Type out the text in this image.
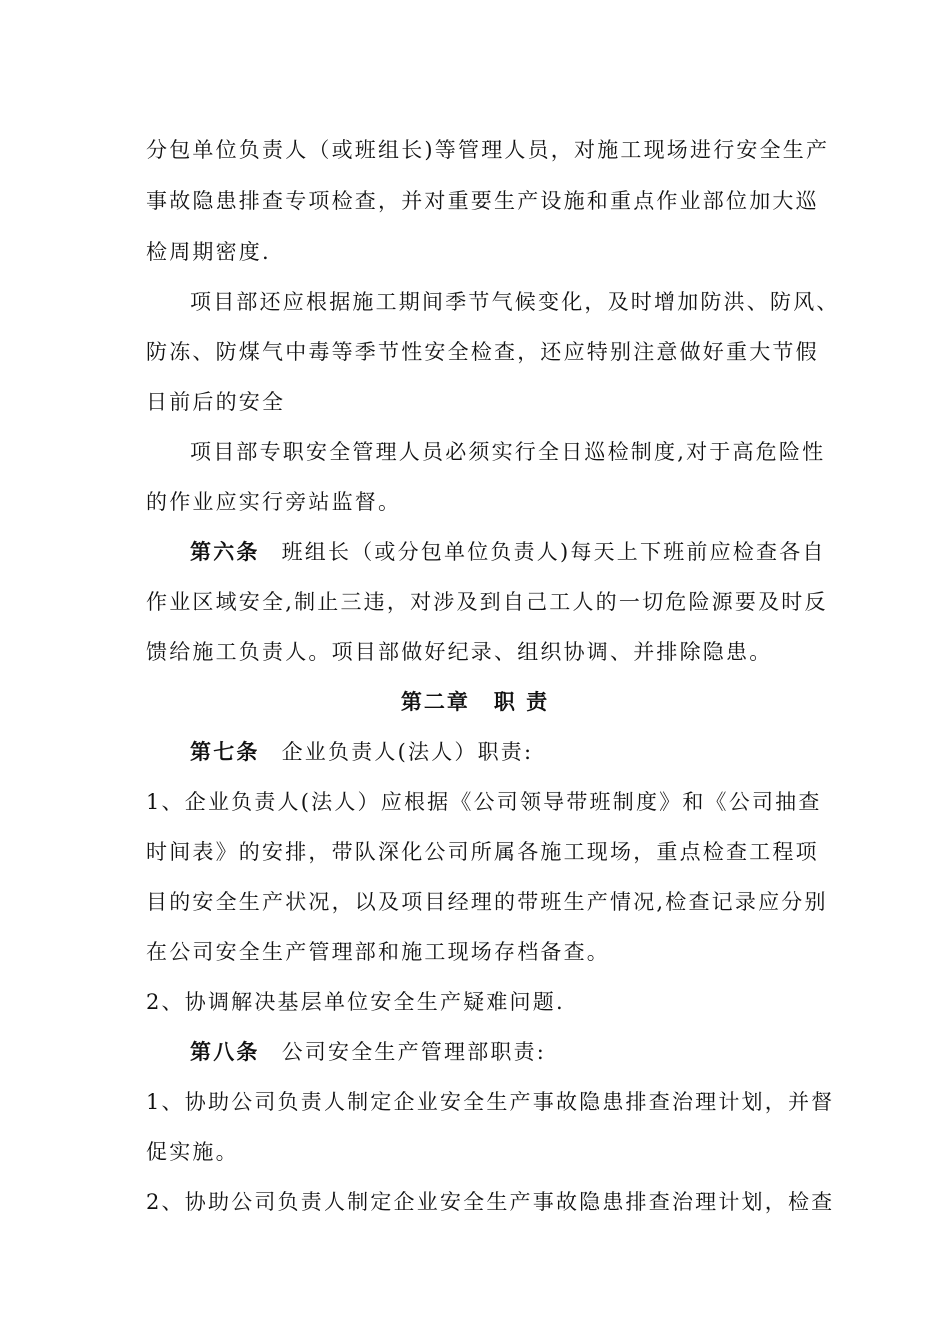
分包单位负责人（或班组长)等管理人员，对施工现场进行安全生产
事故隐患排查专项检查，并对重要生产设施和重点作业部位加大巡
检周期密度.
项目部还应根据施工期间季节气候变化，及时增加防洪、防风、
防冻、防煤气中毒等季节性安全检查，还应特别注意做好重大节假
日前后的安全
项目部专职安全管理人员必须实行全日巡检制度,对于高危险性
的作业应实行旁站监督。
第六条 班组长（或分包单位负责人)每天上下班前应检查各自
作业区域安全,制止三违，对涉及到自己工人的一切危险源要及时反
馈给施工负责人。项目部做好纪录、组织协调、并排除隐患。
第二章 职 责
第七条 企业负责人(法人）职责:
1、企业负责人(法人）应根据《公司领导带班制度》和《公司抽查
时间表》的安排，带队深化公司所属各施工现场，重点检查工程项
目的安全生产状况，以及项目经理的带班生产情况,检查记录应分别
在公司安全生产管理部和施工现场存档备查。
2、协调解决基层单位安全生产疑难问题.
第八条 公司安全生产管理部职责:
1、协助公司负责人制定企业安全生产事故隐患排查治理计划，并督
促实施。
2、协助公司负责人制定企业安全生产事故隐患排查治理计划，检查
